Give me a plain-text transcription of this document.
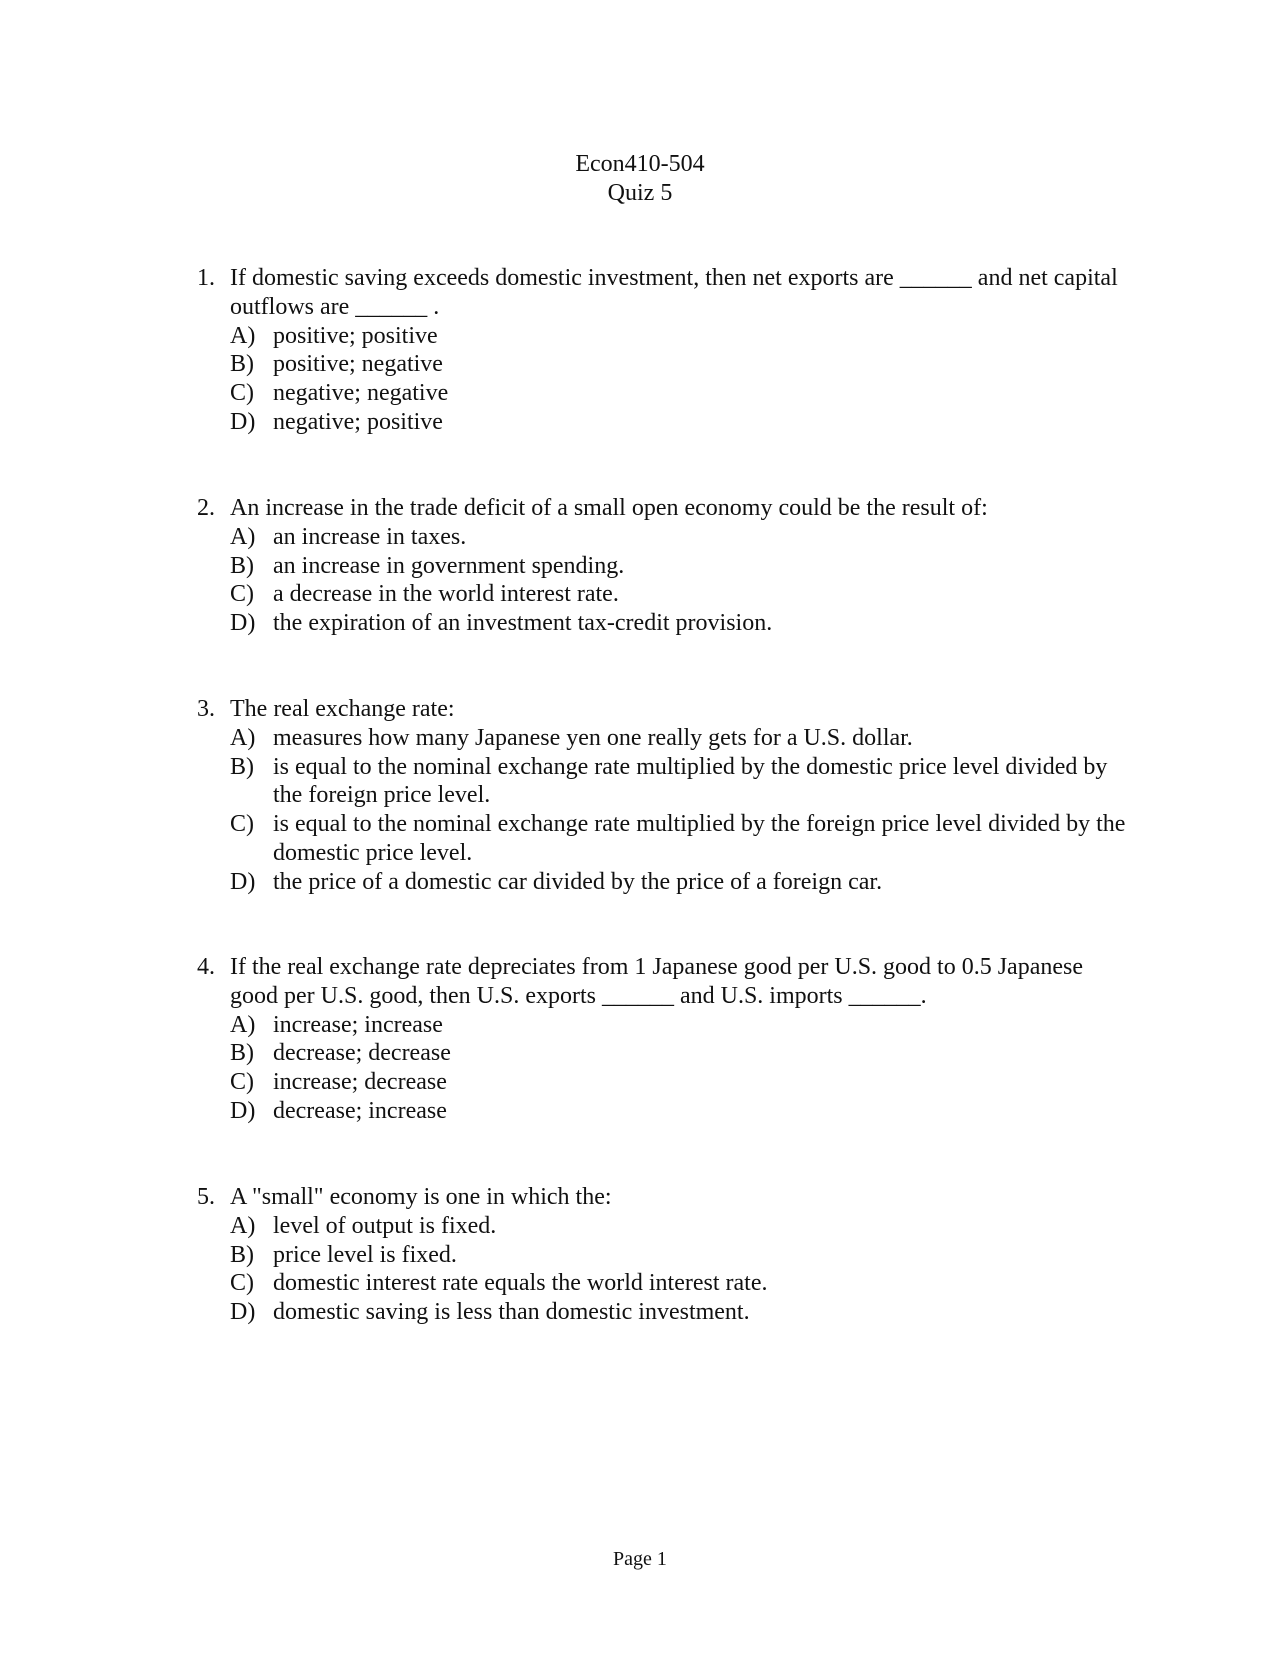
Econ410-504
Quiz 5
1. If domestic saving exceeds domestic investment, then net exports are ______ and net capital outflows are ______ .
A) positive; positive
B) positive; negative
C) negative; negative
D) negative; positive
2. An increase in the trade deficit of a small open economy could be the result of:
A) an increase in taxes.
B) an increase in government spending.
C) a decrease in the world interest rate.
D) the expiration of an investment tax-credit provision.
3. The real exchange rate:
A) measures how many Japanese yen one really gets for a U.S. dollar.
B) is equal to the nominal exchange rate multiplied by the domestic price level divided by the foreign price level.
C) is equal to the nominal exchange rate multiplied by the foreign price level divided by the domestic price level.
D) the price of a domestic car divided by the price of a foreign car.
4. If the real exchange rate depreciates from 1 Japanese good per U.S. good to 0.5 Japanese good per U.S. good, then U.S. exports ______ and U.S. imports ______.
A) increase; increase
B) decrease; decrease
C) increase; decrease
D) decrease; increase
5. A "small" economy is one in which the:
A) level of output is fixed.
B) price level is fixed.
C) domestic interest rate equals the world interest rate.
D) domestic saving is less than domestic investment.
Page 1
